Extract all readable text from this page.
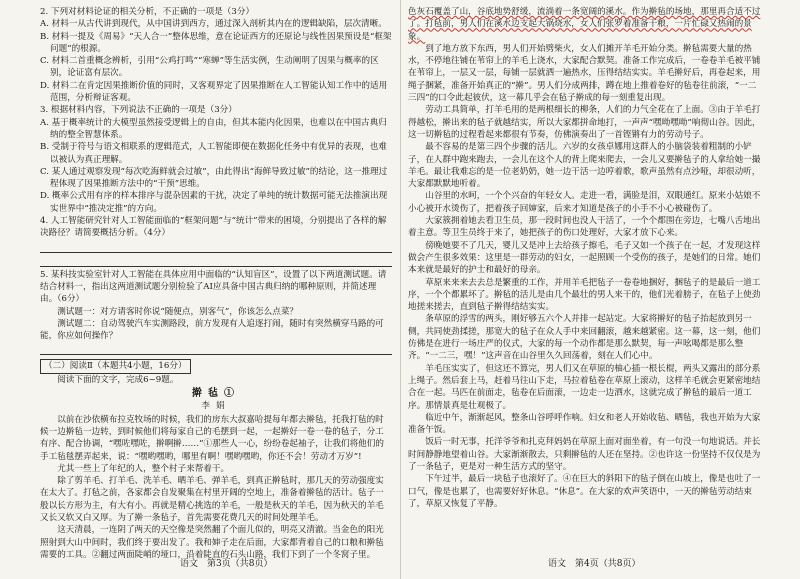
2. 下列对材料论证的相关分析，不正确的一项是（3分）

A. 材料一从古代讲到现代，从中国讲到西方，通过深入剖析其内在的逻辑缺陷，层次清晰。

B. 材料一提及《周易》“天人合一”整体思维，意在论证西方的还原论与线性因果预设是“框架问题”的根源。

C. 材料二首重概念辨析，引用“公鸡打鸣”“寒蝉”等生活实例，生动阐明了因果与概率的区别，论证富有层次。

D. 材料二在肯定因果推断价值的同时，又客观界定了因果推断在人工智能认知工作中的适用范围，分析辩证客观。

3. 根据材料内容，下列说法不正确的一项是（3分）

A. 基于概率统计的大模型虽然接受逻辑上的自由，但其本能内化因果，也难以在中国古典归纳的整全智慧体系。

B. 受制于符号与语文相联系的逻辑范式，人工智能即便在数据化任务中有优异的表现，也难以被认为真正理解。

C. 某人通过观察发现“每次吃海鲜就会过敏”，由此得出“海鲜导致过敏”的结论，这一推理过程体现了因果推断方法中的“干预”思维。

D. 概率公式用有序的样本排序与混杂因素的干扰，决定了单纯的统计数据可能无法推演出现实世界中“推决定推”的方向。

4. 人工智能研究针对人工智能面临的“框架问题”与“统计”带来的困境，分别提出了各样的解决路径？请简要概括分析。（4分）

5. 某科技实验室针对人工智能在具体应用中面临的“认知盲区”，设置了以下两道测试题。请结合材料一，指出这两道测试题分别检验了AI应具备中国古典归纳的哪种原则，并简述理由。（6分）

测试题一：对方请客时你说“随便点，别客气”，你该怎么点菜？

测试题二：自动驾驶汽车实测路段，前方发现有人追逐打闹，随时有突然横穿马路的可能，你应如何操作？

（二）阅读Ⅱ（本题共4小题，16分）

阅读下面的文字，完成6~9题。

擀毡①

李娟

以前在沙依横布拉克牧场的时候，我们的房东大叔嘉哈提每年都去擀毡，托我打毡的时候一边擀毡一边转，到时候他们将每家自己的毛摆到一起，一起擀好一卷一卷的毡子，分工有序、配合协调，“嘿咗嘿咗，擀啊擀……”①那些人一心，纷纷卷起袖子，让我们将他们的手工毡毯摆弄起来，说：“嘿哟嘿哟，哪里有啊！嘿哟嘿哟，你还不会！劳动才万岁”!

尤其一些上了年纪的人，整个村子来帮着干。

除了剪羊毛、打羊毛、洗羊毛、晒羊毛、弹羊毛，到真正擀毡时，那几天的劳动强度实在太大了。打毡之前，各家都会自发聚集在村里开阔的空地上，准备着擀毡的活计。毡子一般以长方形为主，有大有小。再就是精心挑选的羊毛，一般是秋天的羊毛，因为秋天的羊毛又长又软又白又厚。为了擀一条毡子，首先需要花费几天的时间处理羊毛。

这天清晨，一连阴了两天的天空像是突然翻了个面儿似的，明亮又清澈。当金色的阳光照射到大山中间时，我们终于要出发了。我和婶子走在后面，大家都背着自己的口粮和擀毡需要的工具。②翻过两面陡峭的垭口，沿着陡直的石头山路，我们下到了一个冬窝子里。

色灰石覆盖了山，谷底地势舒缓，流淌着一条宽阔的溪水。作为擀毡的场地，那里再合适不过了。打毡前，男人们在溪水边支起大锅烧水，女人们张罗着准备干粮，一片忙碌又热闹的景象。

到了地方放下东西，男人们开始劈柴火，女人们摊开羊毛开始分类。擀毡需要大量的热水，不停地往铺在苇帘上的羊毛上浇水，大家配合默契。准备工作完成后，一卷卷羊毛被平铺在苇帘上，一层又一层，每铺一层就洒一遍热水，压得结结实实。羊毛擀好后，再卷起来，用绳子捆紧，准备开始真正的“擀”。男人们分成两排，蹲在地上推着卷好的毡卷往前滚，“一二三四”的口令此起彼伏，这一幕几乎会在毡子擀成的每一刻重复出现。

劳动工具简单，打羊毛用的是两根细长的柳条，人们的力气全花在了上面。③由于羊毛打得越松，擀出来的毡子就越结实，所以大家都拼命地打，一声声“嘿呦嘿呦”响彻山谷。因此，这一切擀毡的过程看起来都很有节奏，仿佛演奏出了一首铿锵有力的劳动号子。

最不容易的是第三四个步骤的活儿。六岁的女孩卓娜用这群人的小脑袋装着粗制的小铲子，在人群中跑来跑去，一会儿在这个人的背上爬来爬去，一会儿又要擀毡子的人拿给她一撮羊毛。最让我难忘的是一位老奶奶，她一边干活一边哼着歌，歌声虽然有点沙哑，却很动听，大家都默默地听着。

山谷里的水呵，一个个兴奋的年轻女人。走进一看，满脸是泪，双眼通红。原来小姑娘不小心被开水烫伤了，把着孩子回婶家，后来才知道是孩子的小手不小心被碰伤了。

大家簇拥着她去看卫生员，那一段时间也没人干活了，一个个都围在旁边，七嘴八舌地出着主意。等卫生员终于来了，她把孩子的伤口处理好，大家才放下心来。

傍晚她要不了几天，婴儿又是冲上去给孩子擦毛，毛子又如一个孩子在一起，才发现这样做会产生很多效果：这里是一群劳动的妇女，一起照顾一个受伤的孩子，是她们的日常。她们本来就是最好的护士和最好的母亲。

草原来来来去去总是繁重的工作，并用羊毛把毡子一卷卷地捆好，捆毡子的是最后一道工序，一个个都累坏了。擀毡的活儿是由几个最壮的男人来干的，他们光着膀子，在毡子上使劲地搓来搓去，直到毡子擀得结结实实。

条草原的浮雪的两头，刚好够五六个人并排一起站定。大家将擀好的毡子抬起放到另一侧，共同使劲揉搓，那宽大的毡子在众人手中来回翻滚，越来越紧密。这一幕，这一刻，他们仿佛是在进行一场庄严的仪式，大家的每一个动作都是那么默契，每一声吆喝都是那么整齐。“一二三，嘿！”这声音在山谷里久久回荡着，刻在人们心中。

羊毛压实实了，但这还不算完，男人们又在草原的柚心插一根长棍，两头又露出的部分系上绳子。然后套上马，赶着马往山下走，马拉着毡卷在草原上滚动，这样羊毛就会更紧密地结合在一起。马匹在前面走，毡卷在后面滚，一边走一边洒水，这就完成了擀毡的最后一道工序。那情景真是壮观极了。

临近中午，渐渐起风，整条山谷呼呼作响。妇女和老人开始收毡、晒毡，我也开始为大家准备午饭。

饭后一时无事，托洋爷爷和扎克拜妈妈在草原上面对面坐着，有一句没一句地说话。并长时间静静地望着山谷。大家渐渐散去，只剩擀毡的人还在坚持。②也许这一份坚持不仅仅是为了一条毡子，更是对一种生活方式的坚守。

下午过半，最后一块毡子也滚好了。④在巨大的斜阳下的毡子倒在山坡上，像是也吐了一口气，像是也累了，也需要好好休息。“休息”。在大家的欢声笑语中，一天的擀毡劳动结束了，草原又恢复了平静。

语文　第3页（共8页）	语文　第4页（共8页）
